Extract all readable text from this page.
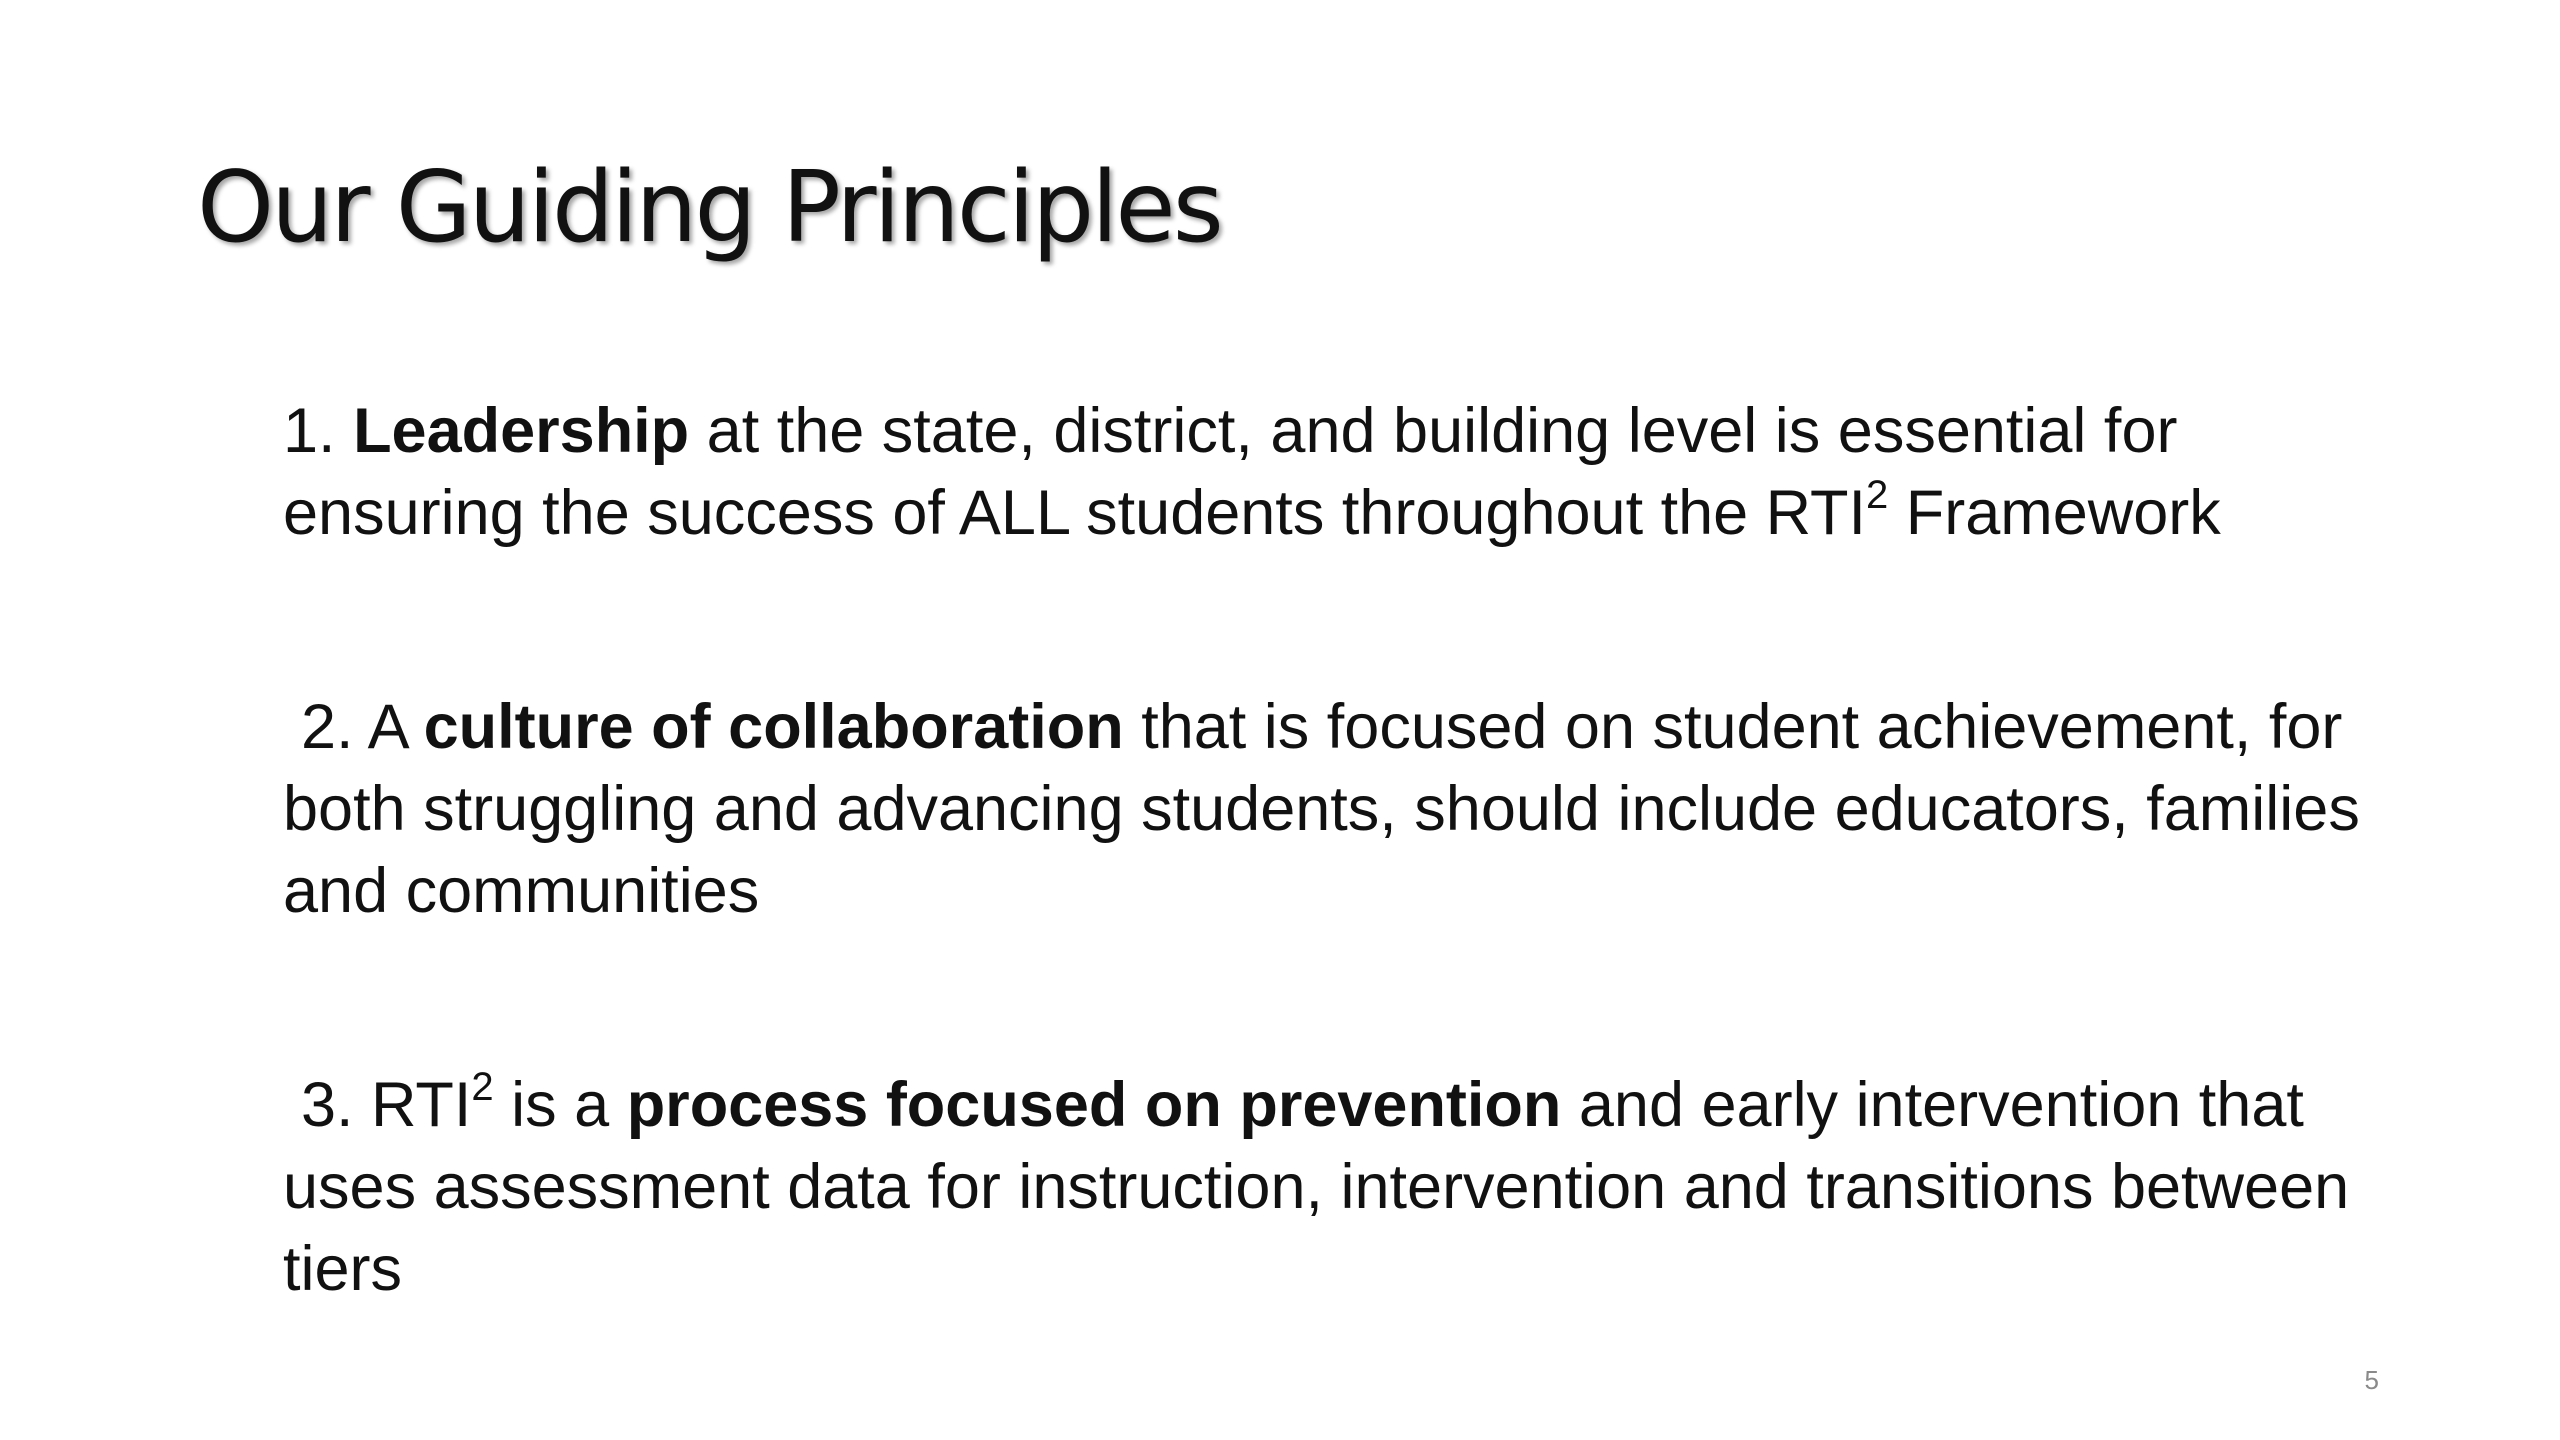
Our Guiding Principles
1. Leadership at the state, district, and building level is essential for ensuring the success of ALL students throughout the RTI$^2$ Framework
2. A culture of collaboration that is focused on student achievement, for both struggling and advancing students, should include educators, families and communities
3. RTI$^2$ is a process focused on prevention and early intervention that uses assessment data for instruction, intervention and transitions between tiers
5
